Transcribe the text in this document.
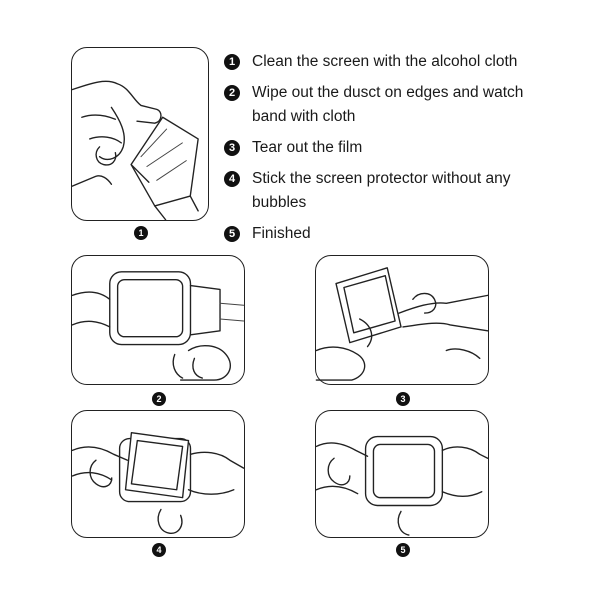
1	Clean the screen with the alcohol cloth
2	Wipe out the dusct on edges and watch band with cloth
3	Tear out the film
4	Stick the screen protector without any bubbles
5	Finished
1
2	3
4	5
